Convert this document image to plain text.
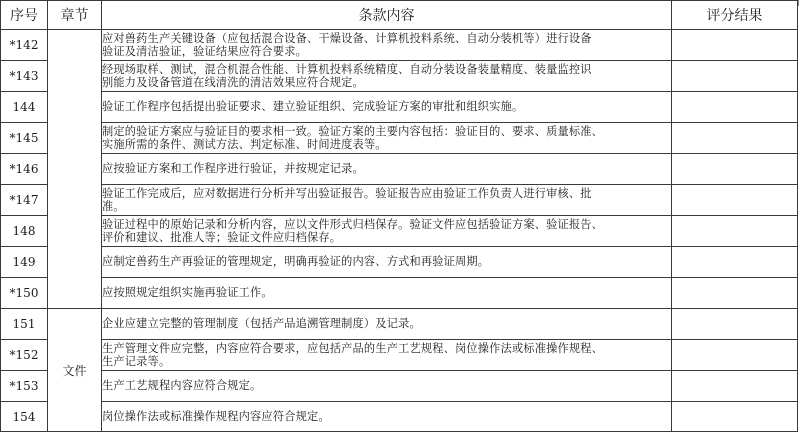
序号	章节	条款内容	评分结果
*142		应对兽药生产关键设备（应包括混合设备、干燥设备、计算机投料系统、自动分装机等）进行设备
验证及清洁验证，验证结果应符合要求。	

*143		经现场取样、测试，混合机混合性能、计算机投料系统精度、自动分装设备装量精度、装量监控识
别能力及设备管道在线清洗的清洁效果应符合规定。	

144		验证工作程序包括提出验证要求、建立验证组织、完成验证方案的审批和组织实施。	

*145		制定的验证方案应与验证目的要求相一致。验证方案的主要内容包括：验证目的、要求、质量标准、
实施所需的条件、测试方法、判定标准、时间进度表等。	

*146		应按验证方案和工作程序进行验证，并按规定记录。	

*147		验证工作完成后，应对数据进行分析并写出验证报告。验证报告应由验证工作负责人进行审核、批
准。	

148		验证过程中的原始记录和分析内容，应以文件形式归档保存。验证文件应包括验证方案、验证报告、
评价和建议、批准人等；验证文件应归档保存。	

149		应制定兽药生产再验证的管理规定，明确再验证的内容、方式和再验证周期。	

*150		应按照规定组织实施再验证工作。	

151	文件	企业应建立完整的管理制度（包括产品追溯管理制度）及记录。	

*152		生产管理文件应完整，内容应符合要求，应包括产品的生产工艺规程、岗位操作法或标准操作规程、
生产记录等。	

*153		生产工艺规程内容应符合规定。	

154		岗位操作法或标准操作规程内容应符合规定。	
